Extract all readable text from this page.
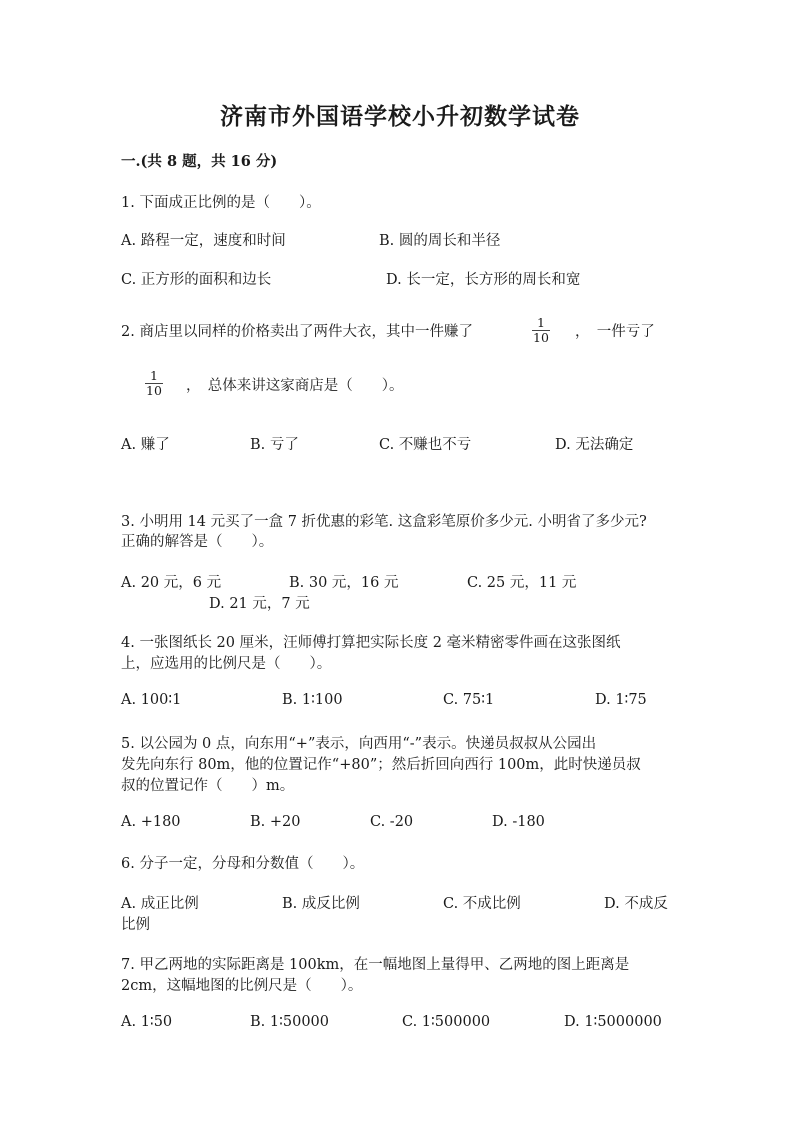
济南市外国语学校小升初数学试卷
一.(共 8 题，共 16 分)
1. 下面成正比例的是（　　）。
A. 路程一定，速度和时间	B. 圆的周长和半径
C. 正方形的面积和边长	D. 长一定，长方形的周长和宽
2. 商店里以同样的价格卖出了两件大衣，其中一件赚了	$\frac{1}{10}$ ，　一件亏了
$\frac{1}{10}$ ，　总体来讲这家商店是（　　）。
A. 赚了	B. 亏了	C. 不赚也不亏	D. 无法确定
3. 小明用 14 元买了一盒 7 折优惠的彩笔. 这盒彩笔原价多少元. 小明省了多少元?
正确的解答是（　　）。
A. 20 元，6 元	B. 30 元，16 元	C. 25 元，11 元
D. 21 元，7 元
4. 一张图纸长 20 厘米，汪师傅打算把实际长度 2 毫米精密零件画在这张图纸
上，应选用的比例尺是（　　）。
A. 100∶1	B. 1∶100	C. 75∶1	D. 1∶75
5. 以公园为 0 点，向东用“+”表示，向西用“-”表示。快递员叔叔从公园出
发先向东行 80m，他的位置记作“+80”；然后折回向西行 100m，此时快递员叔
叔的位置记作（　　）m。
A. +180	B. +20	C. -20	D. -180
6. 分子一定，分母和分数值（　　）。
A. 成正比例	B. 成反比例	C. 不成比例	D. 不成反
比例
7. 甲乙两地的实际距离是 100km，在一幅地图上量得甲、乙两地的图上距离是
2cm，这幅地图的比例尺是（　　）。
A. 1∶50	B. 1∶50000	C. 1∶500000	D. 1∶5000000
